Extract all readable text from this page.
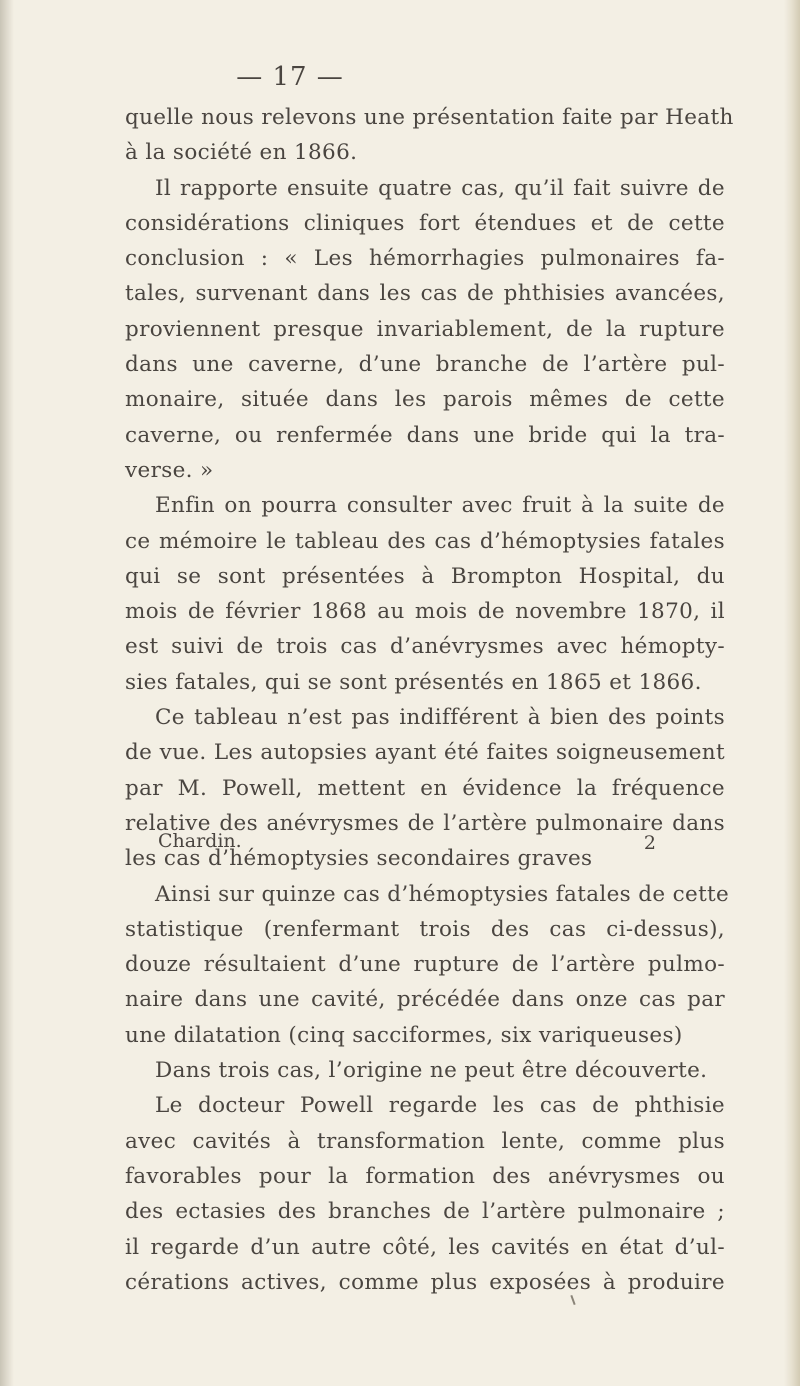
— 17 —
quelle nous relevons une présentation faite par Heath
à la société en 1866.
Il rapporte ensuite quatre cas, qu’il fait suivre de
considérations cliniques fort étendues et de cette
conclusion : « Les hémorrhagies pulmonaires fa-
tales, survenant dans les cas de phthisies avancées,
proviennent presque invariablement, de la rupture
dans une caverne, d’une branche de l’artère pul-
monaire, située dans les parois mêmes de cette
caverne, ou renfermée dans une bride qui la tra-
verse. »
Enfin on pourra consulter avec fruit à la suite de
ce mémoire le tableau des cas d’hémoptysies fatales
qui se sont présentées à Brompton Hospital, du
mois de février 1868 au mois de novembre 1870, il
est suivi de trois cas d’anévrysmes avec hémopty-
sies fatales, qui se sont présentés en 1865 et 1866.
Ce tableau n’est pas indifférent à bien des points
de vue. Les autopsies ayant été faites soigneusement
par M. Powell, mettent en évidence la fréquence
relative des anévrysmes de l’artère pulmonaire dans
les cas d’hémoptysies secondaires graves
Ainsi sur quinze cas d’hémoptysies fatales de cette
statistique (renfermant trois des cas ci-dessus),
douze résultaient d’une rupture de l’artère pulmo-
naire dans une cavité, précédée dans onze cas par
une dilatation (cinq sacciformes, six variqueuses)
Dans trois cas, l’origine ne peut être découverte.
Le docteur Powell regarde les cas de phthisie
avec cavités à transformation lente, comme plus
favorables pour la formation des anévrysmes ou
des ectasies des branches de l’artère pulmonaire ;
il regarde d’un autre côté, les cavités en état d’ul-
cérations actives, comme plus exposées à produire
Chardin.	2
